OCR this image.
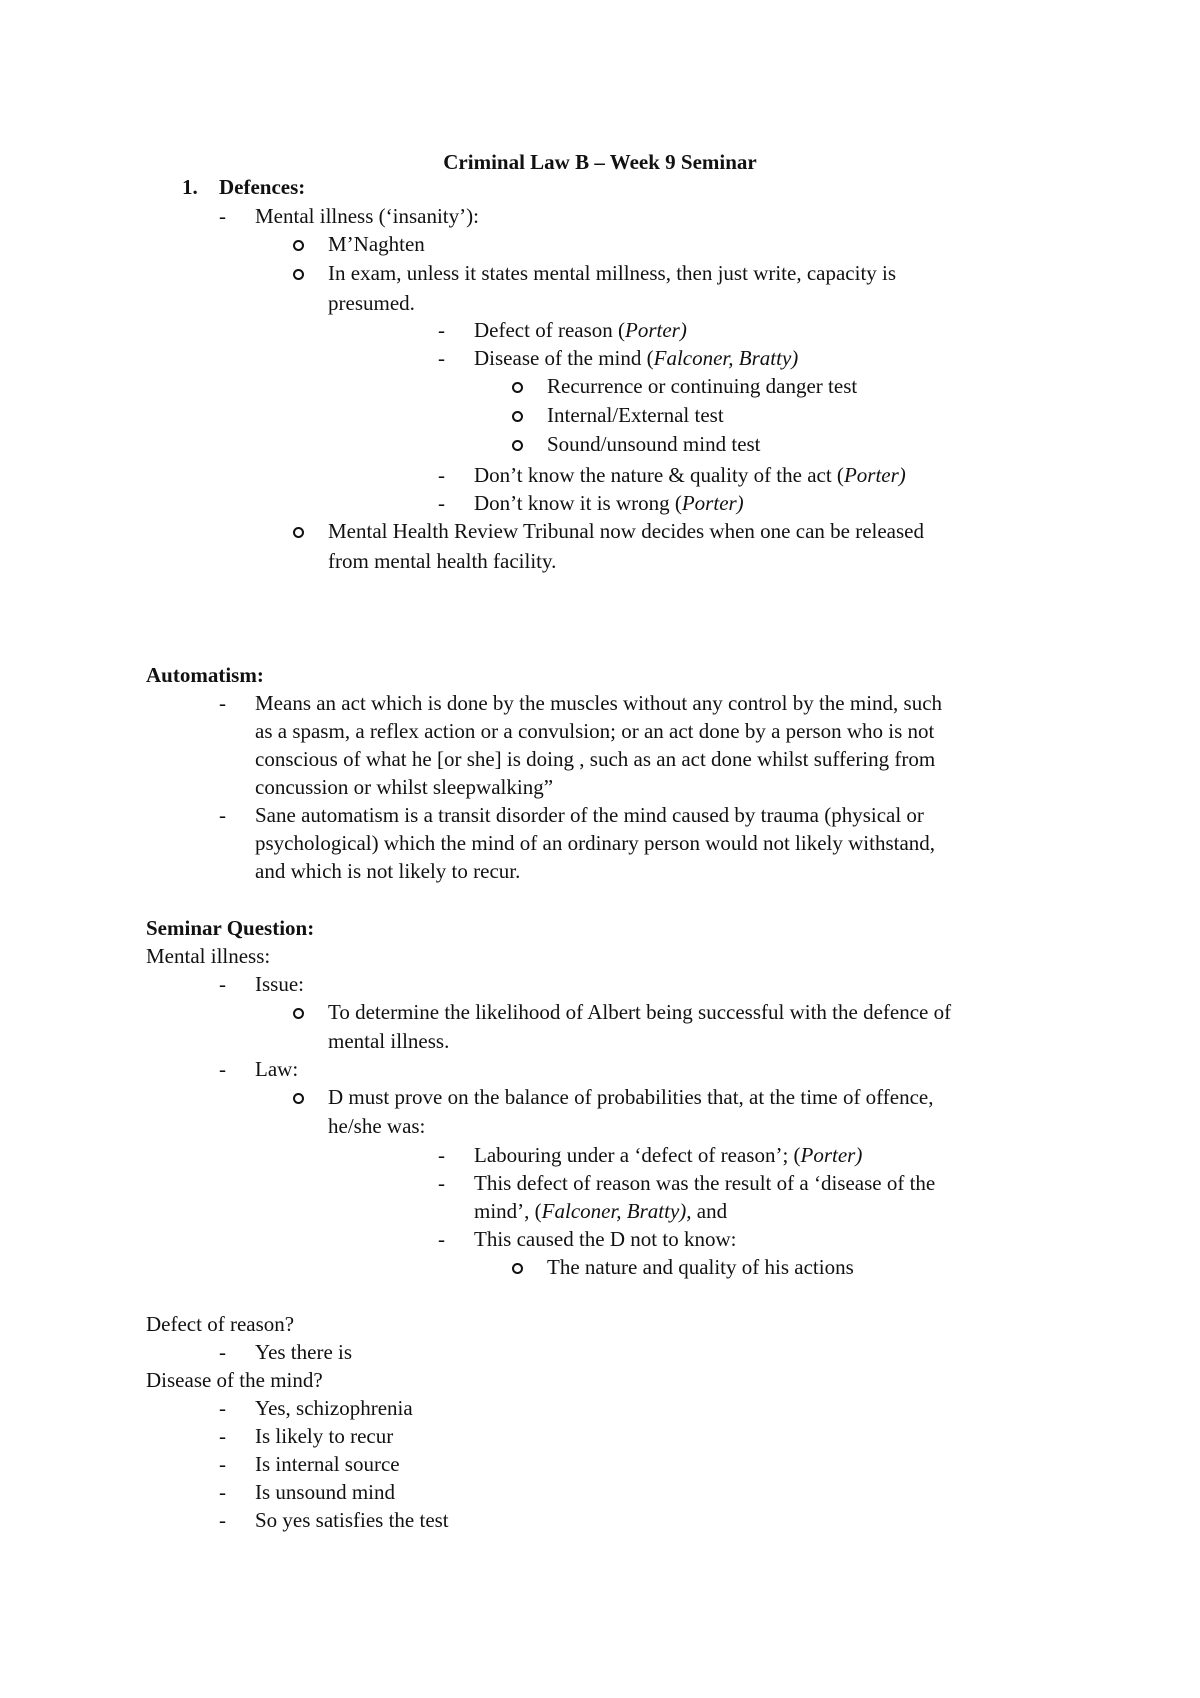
Criminal Law B – Week 9 Seminar
1. Defences:
- Mental illness (‘insanity’):
M’Naghten
In exam, unless it states mental millness, then just write, capacity is
presumed.
- Defect of reason (Porter)
- Disease of the mind (Falconer, Bratty)
Recurrence or continuing danger test
Internal/External test
Sound/unsound mind test
- Don’t know the nature & quality of the act (Porter)
- Don’t know it is wrong (Porter)
Mental Health Review Tribunal now decides when one can be released
from mental health facility.
Automatism:
- Means an act which is done by the muscles without any control by the mind, such
as a spasm, a reflex action or a convulsion; or an act done by a person who is not
conscious of what he [or she] is doing , such as an act done whilst suffering from
concussion or whilst sleepwalking”
- Sane automatism is a transit disorder of the mind caused by trauma (physical or
psychological) which the mind of an ordinary person would not likely withstand,
and which is not likely to recur.
Seminar Question:
Mental illness:
- Issue:
To determine the likelihood of Albert being successful with the defence of
mental illness.
- Law:
D must prove on the balance of probabilities that, at the time of offence,
he/she was:
- Labouring under a ‘defect of reason’; (Porter)
- This defect of reason was the result of a ‘disease of the
mind’, (Falconer, Bratty), and
- This caused the D not to know:
The nature and quality of his actions
Defect of reason?
- Yes there is
Disease of the mind?
- Yes, schizophrenia
- Is likely to recur
- Is internal source
- Is unsound mind
- So yes satisfies the test
